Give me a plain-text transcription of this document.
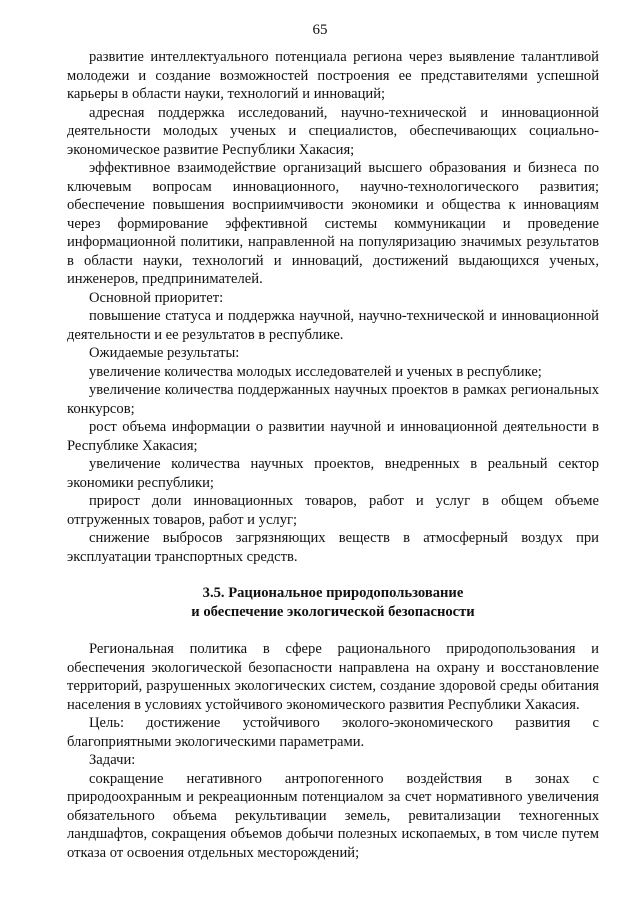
65

развитие интеллектуального потенциала региона через выявление талантливой молодежи и создание возможностей построения ее представителями успешной карьеры в области науки, технологий и инноваций;

адресная поддержка исследований, научно-технической и инновационной деятельности молодых ученых и специалистов, обеспечивающих социально-экономическое развитие Республики Хакасия;

эффективное взаимодействие организаций высшего образования и бизнеса по ключевым вопросам инновационного, научно-технологического развития; обеспечение повышения восприимчивости экономики и общества к инновациям через формирование эффективной системы коммуникации и проведение информационной политики, направленной на популяризацию значимых результатов в области науки, технологий и инноваций, достижений выдающихся ученых, инженеров, предпринимателей.

Основной приоритет:

повышение статуса и поддержка научной, научно-технической и инновационной деятельности и ее результатов в республике.

Ожидаемые результаты:

увеличение количества молодых исследователей и ученых в республике;

увеличение количества поддержанных научных проектов в рамках региональных конкурсов;

рост объема информации о развитии научной и инновационной деятельности в Республике Хакасия;

увеличение количества научных проектов, внедренных в реальный сектор экономики республики;

прирост доли инновационных товаров, работ и услуг в общем объеме отгруженных товаров, работ и услуг;

снижение выбросов загрязняющих веществ в атмосферный воздух при эксплуатации транспортных средств.

3.5. Рациональное природопользование

и обеспечение экологической безопасности

Региональная политика в сфере рационального природопользования и обеспечения экологической безопасности направлена на охрану и восстановление территорий, разрушенных экологических систем, создание здоровой среды обитания населения в условиях устойчивого экономического развития Республики Хакасия.

Цель: достижение устойчивого эколого-экономического развития с благоприятными экологическими параметрами.

Задачи:

сокращение негативного антропогенного воздействия в зонах с природоохранным и рекреационным потенциалом за счет нормативного увеличения обязательного объема рекультивации земель, ревитализации техногенных ландшафтов, сокращения объемов добычи полезных ископаемых, в том числе путем отказа от освоения отдельных месторождений;
